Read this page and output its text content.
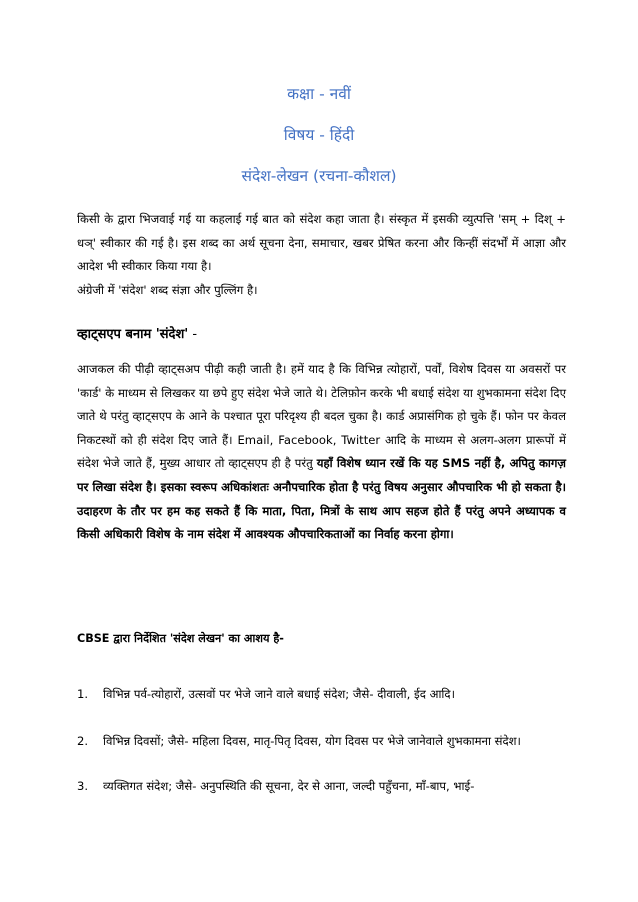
कक्षा - नवीं
विषय - हिंदी
संदेश-लेखन (रचना-कौशल)
किसी के द्वारा भिजवाई गई या कहलाई गई बात को संदेश कहा जाता है। संस्कृत में इसकी व्युत्पत्ति 'सम् + दिश् + धञ्' स्वीकार की गई है। इस शब्द का अर्थ सूचना देना, समाचार, खबर प्रेषित करना और किन्हीं संदर्भों में आज्ञा और आदेश भी स्वीकार किया गया है।
अंग्रेजी में 'संदेश' शब्द संज्ञा और पुल्लिंग है।
व्हाट्सएप बनाम 'संदेश' -
आजकल की पीढ़ी व्हाट्सअप पीढ़ी कही जाती है। हमें याद है कि विभिन्न त्योहारों, पर्वों, विशेष दिवस या अवसरों पर 'कार्ड' के माध्यम से लिखकर या छपे हुए संदेश भेजे जाते थे। टेलिफ़ोन करके भी बधाई संदेश या शुभकामना संदेश दिए जाते थे परंतु व्हाट्सएप के आने के पश्चात पूरा परिदृश्य ही बदल चुका है। कार्ड अप्रासंगिक हो चुके हैं। फोन पर केवल निकटस्थों को ही संदेश दिए जाते हैं। Email, Facebook, Twitter आदि के माध्यम से अलग-अलग प्रारूपों में संदेश भेजे जाते हैं, मुख्य आधार तो व्हाट्सएप ही है परंतु यहाँ विशेष ध्यान रखें कि यह SMS नहीं है, अपितु कागज़ पर लिखा संदेश है। इसका स्वरूप अधिकांशतः अनौपचारिक होता है परंतु विषय अनुसार औपचारिक भी हो सकता है। उदाहरण के तौर पर हम कह सकते हैं कि माता, पिता, मित्रों के साथ आप सहज होते हैं परंतु अपने अध्यापक व किसी अधिकारी विशेष के नाम संदेश में आवश्यक औपचारिकताओं का निर्वाह करना होगा।
CBSE द्वारा निर्देशित 'संदेश लेखन' का आशय है-
1. विभिन्न पर्व-त्योहारों, उत्सवों पर भेजे जाने वाले बधाई संदेश; जैसे- दीवाली, ईद आदि।
2. विभिन्न दिवसों; जैसे- महिला दिवस, मातृ-पितृ दिवस, योग दिवस पर भेजे जानेवाले शुभकामना संदेश।
3. व्यक्तिगत संदेश; जैसे- अनुपस्थिति की सूचना, देर से आना, जल्दी पहुँचना, माँ-बाप, भाई-
